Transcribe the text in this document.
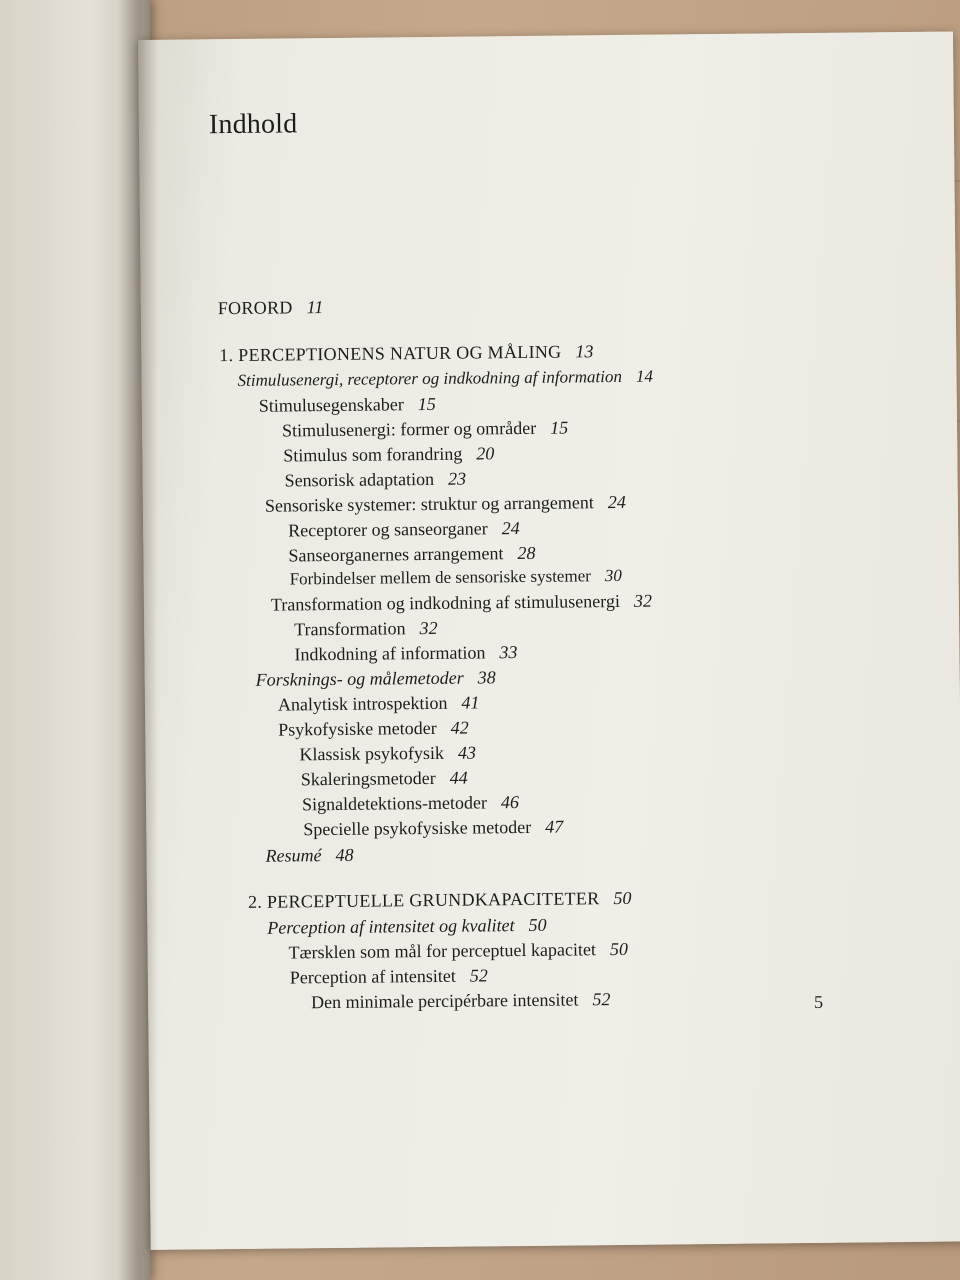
Indhold
FORORD 11
1. PERCEPTIONENS NATUR OG MÅLING 13
Stimulusenergi, receptorer og indkodning af information 14
Stimulusegenskaber 15
Stimulusenergi: former og områder 15
Stimulus som forandring 20
Sensorisk adaptation 23
Sensoriske systemer: struktur og arrangement 24
Receptorer og sanseorganer 24
Sanseorganernes arrangement 28
Forbindelser mellem de sensoriske systemer 30
Transformation og indkodning af stimulusenergi 32
Transformation 32
Indkodning af information 33
Forsknings- og målemetoder 38
Analytisk introspektion 41
Psykofysiske metoder 42
Klassisk psykofysik 43
Skaleringsmetoder 44
Signaldetektions-metoder 46
Specielle psykofysiske metoder 47
Resumé 48
2. PERCEPTUELLE GRUNDKAPACITETER 50
Perception af intensitet og kvalitet 50
Tærsklen som mål for perceptuel kapacitet 50
Perception af intensitet 52
Den minimale percipérbare intensitet 52	5
